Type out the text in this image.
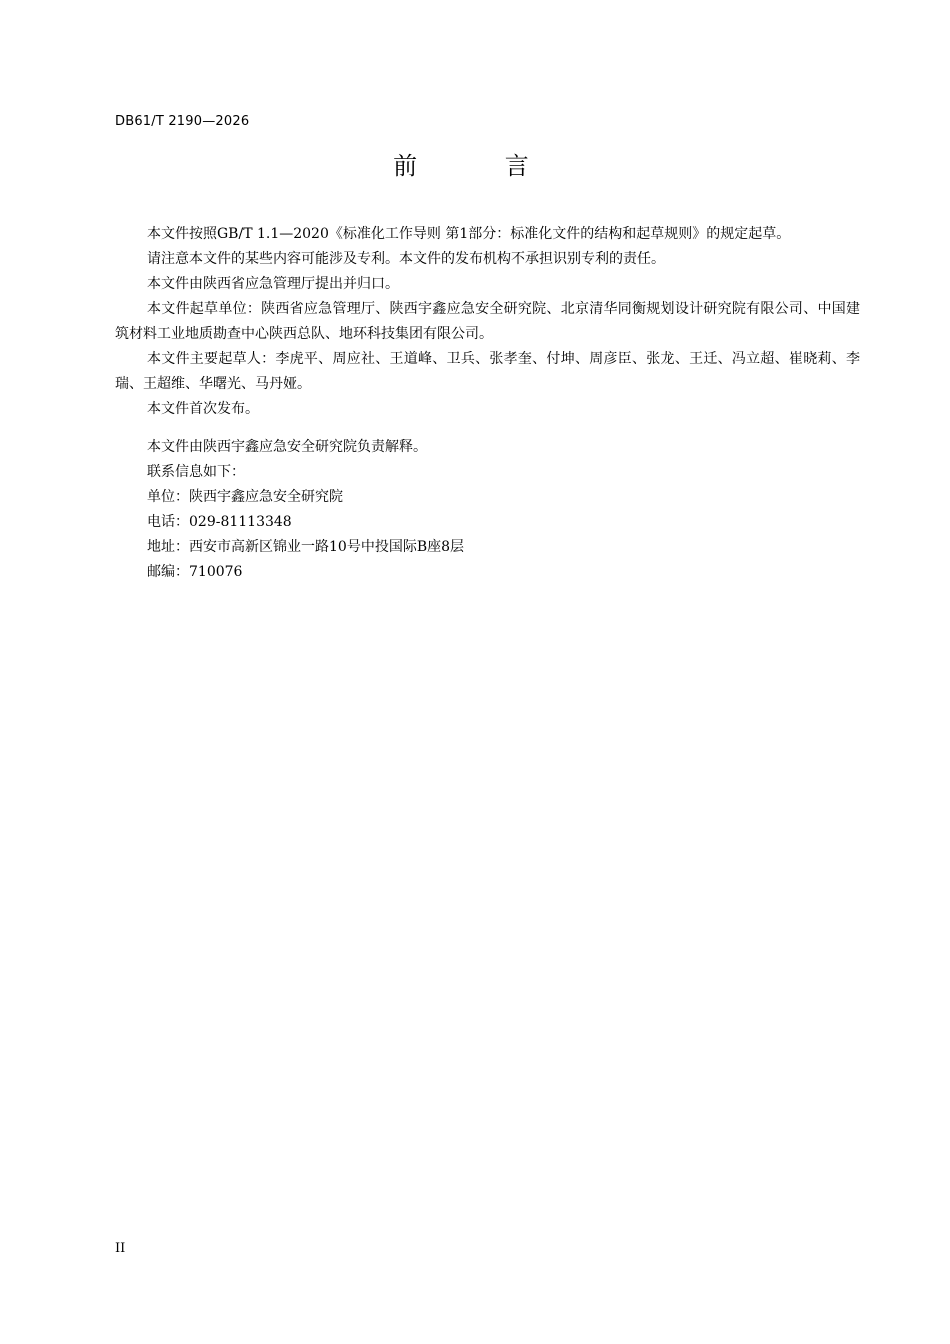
DB61/T 2190—2026
前 言

本文件按照GB/T 1.1—2020《标准化工作导则 第1部分：标准化文件的结构和起草规则》的规定起草。

请注意本文件的某些内容可能涉及专利。本文件的发布机构不承担识别专利的责任。

本文件由陕西省应急管理厅提出并归口。

本文件起草单位：陕西省应急管理厅、陕西宇鑫应急安全研究院、北京清华同衡规划设计研究院有限公司、中国建筑材料工业地质勘查中心陕西总队、地环科技集团有限公司。

本文件主要起草人：李虎平、周应社、王道峰、卫兵、张孝奎、付坤、周彦臣、张龙、王迁、冯立超、崔晓莉、李瑞、王超维、华曙光、马丹娅。

本文件首次发布。

本文件由陕西宇鑫应急安全研究院负责解释。

联系信息如下：

单位：陕西宇鑫应急安全研究院

电话：029-81113348

地址：西安市高新区锦业一路10号中投国际B座8层

邮编：710076

II
